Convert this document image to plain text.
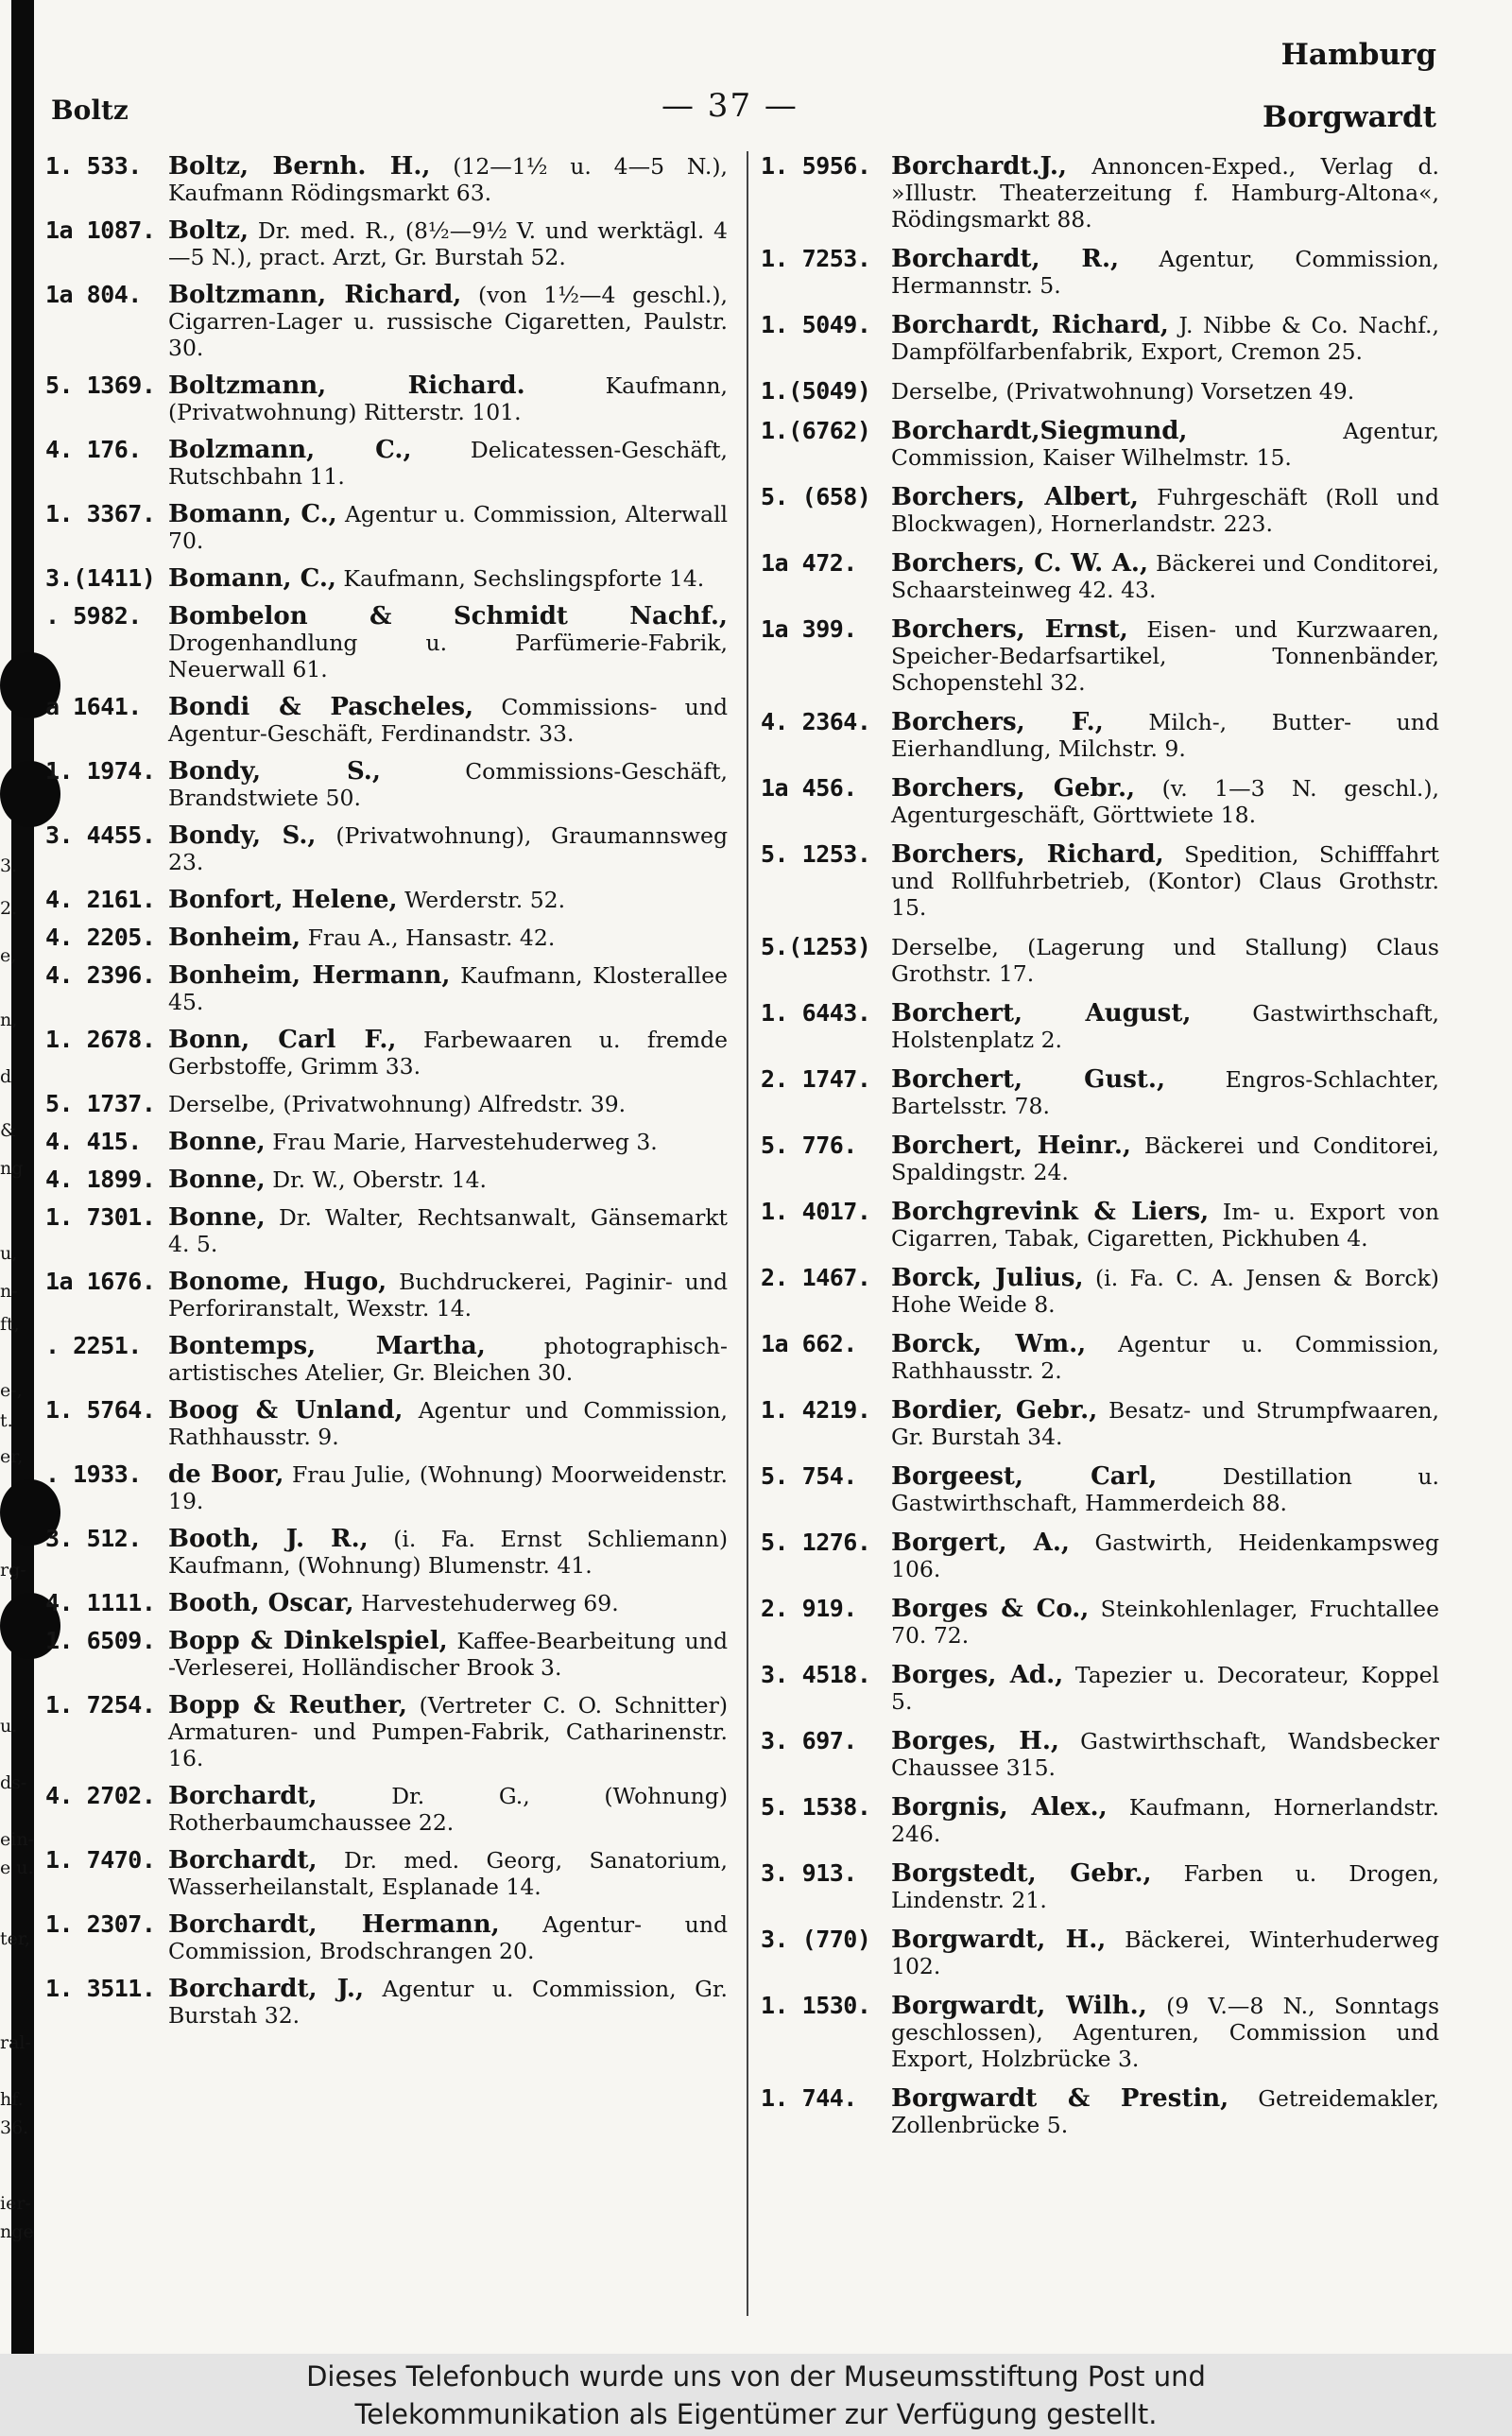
3.
2.
e,
n,
d
&
ng
u,
n-
ft,
e-,
t.
er,
rg-
u.
ds-
ein-
e u.
ter,
ral-
hf.
36.
ier-
nge
Hamburg
Boltz	— 37 —	Borgwardt
1. 533.	Boltz, Bernh. H., (12—1½ u. 4—5 N.), Kaufmann Rödingsmarkt 63.
1a 1087. Boltz, Dr. med. R., (8½—9½ V. und werktägl. 4—5 N.), pract. Arzt, Gr. Burstah 52.
1a 804.	Boltzmann, Richard, (von 1½—4 geschl.), Cigarren-Lager u. russische Cigaretten, Paulstr. 30.
5. 1369. Boltzmann, Richard. Kaufmann, (Privatwohnung) Ritterstr. 101.
4. 176.	Bolzmann, C., Delicatessen-Geschäft, Rutschbahn 11.
1. 3367. Bomann, C., Agentur u. Commission, Alterwall 70.
3.(1411) Bomann, C., Kaufmann, Sechslingspforte 14.
. 5982.	Bombelon & Schmidt Nachf., Drogenhandlung u. Parfümerie-Fabrik, Neuerwall 61.
a 1641.	Bondi & Pascheles, Commissions- und Agentur-Geschäft, Ferdinandstr. 33.
1. 1974. Bondy, S., Commissions-Geschäft, Brandstwiete 50.
3. 4455. Bondy, S., (Privatwohnung), Graumannsweg 23.
4. 2161. Bonfort, Helene, Werderstr. 52.
4. 2205. Bonheim, Frau A., Hansastr. 42.
4. 2396. Bonheim, Hermann, Kaufmann, Klosterallee 45.
1. 2678. Bonn, Carl F., Farbewaaren u. fremde Gerbstoffe, Grimm 33.
5. 1737. Derselbe, (Privatwohnung) Alfredstr. 39.
4. 415.	Bonne, Frau Marie, Harvestehuderweg 3.
4. 1899. Bonne, Dr. W., Oberstr. 14.
1. 7301. Bonne, Dr. Walter, Rechtsanwalt, Gänsemarkt 4. 5.
1a 1676. Bonome, Hugo, Buchdruckerei, Paginir- und Perforiranstalt, Wexstr. 14.
. 2251.	Bontemps, Martha, photographisch-artistisches Atelier, Gr. Bleichen 30.
1. 5764. Boog & Unland, Agentur und Commission, Rathhausstr. 9.
. 1933.	de Boor, Frau Julie, (Wohnung) Moorweidenstr. 19.
3. 512.	Booth, J. R., (i. Fa. Ernst Schliemann) Kaufmann, (Wohnung) Blumenstr. 41.
4. 1111. Booth, Oscar, Harvestehuderweg 69.
1. 6509. Bopp & Dinkelspiel, Kaffee-Bearbeitung und -Verleserei, Holländischer Brook 3.
1. 7254. Bopp & Reuther, (Vertreter C. O. Schnitter) Armaturen- und Pumpen-Fabrik, Catharinenstr. 16.
4. 2702. Borchardt, Dr. G., (Wohnung) Rotherbaumchaussee 22.
1. 7470. Borchardt, Dr. med. Georg, Sanatorium, Wasserheilanstalt, Esplanade 14.
1. 2307. Borchardt, Hermann, Agentur- und Commission, Brodschrangen 20.
1. 3511. Borchardt, J., Agentur u. Commission, Gr. Burstah 32.
1. 5956. Borchardt.J., Annoncen-Exped., Verlag d. »Illustr. Theaterzeitung f. Hamburg-Altona«, Rödingsmarkt 88.
1. 7253. Borchardt, R., Agentur, Commission, Hermannstr. 5.
1. 5049. Borchardt, Richard, J. Nibbe & Co. Nachf., Dampfölfarbenfabrik, Export, Cremon 25.
1.(5049) Derselbe, (Privatwohnung) Vorsetzen 49.
1.(6762) Borchardt,Siegmund, Agentur, Commission, Kaiser Wilhelmstr. 15.
5. (658) Borchers, Albert, Fuhrgeschäft (Roll und Blockwagen), Hornerlandstr. 223.
1a 472.	Borchers, C. W. A., Bäckerei und Conditorei, Schaarsteinweg 42. 43.
1a 399.	Borchers, Ernst, Eisen- und Kurzwaaren, Speicher-Bedarfsartikel, Tonnenbänder, Schopenstehl 32.
4. 2364. Borchers, F., Milch-, Butter- und Eierhandlung, Milchstr. 9.
1a 456.	Borchers, Gebr., (v. 1—3 N. geschl.), Agenturgeschäft, Görttwiete 18.
5. 1253. Borchers, Richard, Spedition, Schifffahrt und Rollfuhrbetrieb, (Kontor) Claus Grothstr. 15.
5.(1253) Derselbe, (Lagerung und Stallung) Claus Grothstr. 17.
1. 6443. Borchert, August, Gastwirthschaft, Holstenplatz 2.
2. 1747. Borchert, Gust., Engros-Schlachter, Bartelsstr. 78.
5. 776.	Borchert, Heinr., Bäckerei und Conditorei, Spaldingstr. 24.
1. 4017. Borchgrevink & Liers, Im- u. Export von Cigarren, Tabak, Cigaretten, Pickhuben 4.
2. 1467. Borck, Julius, (i. Fa. C. A. Jensen & Borck) Hohe Weide 8.
1a 662.	Borck, Wm., Agentur u. Commission, Rathhausstr. 2.
1. 4219. Bordier, Gebr., Besatz- und Strumpfwaaren, Gr. Burstah 34.
5. 754.	Borgeest, Carl, Destillation u. Gastwirthschaft, Hammerdeich 88.
5. 1276. Borgert, A., Gastwirth, Heidenkampsweg 106.
2. 919.	Borges & Co., Steinkohlenlager, Fruchtallee 70. 72.
3. 4518. Borges, Ad., Tapezier u. Decorateur, Koppel 5.
3. 697.	Borges, H., Gastwirthschaft, Wandsbecker Chaussee 315.
5. 1538. Borgnis, Alex., Kaufmann, Hornerlandstr. 246.
3. 913.	Borgstedt, Gebr., Farben u. Drogen, Lindenstr. 21.
3. (770) Borgwardt, H., Bäckerei, Winterhuderweg 102.
1. 1530. Borgwardt, Wilh., (9 V.—8 N., Sonntags geschlossen), Agenturen, Commission und Export, Holzbrücke 3.
1. 744.	Borgwardt & Prestin, Getreidemakler, Zollenbrücke 5.
Dieses Telefonbuch wurde uns von der Museumsstiftung Post und
Telekommunikation als Eigentümer zur Verfügung gestellt.
